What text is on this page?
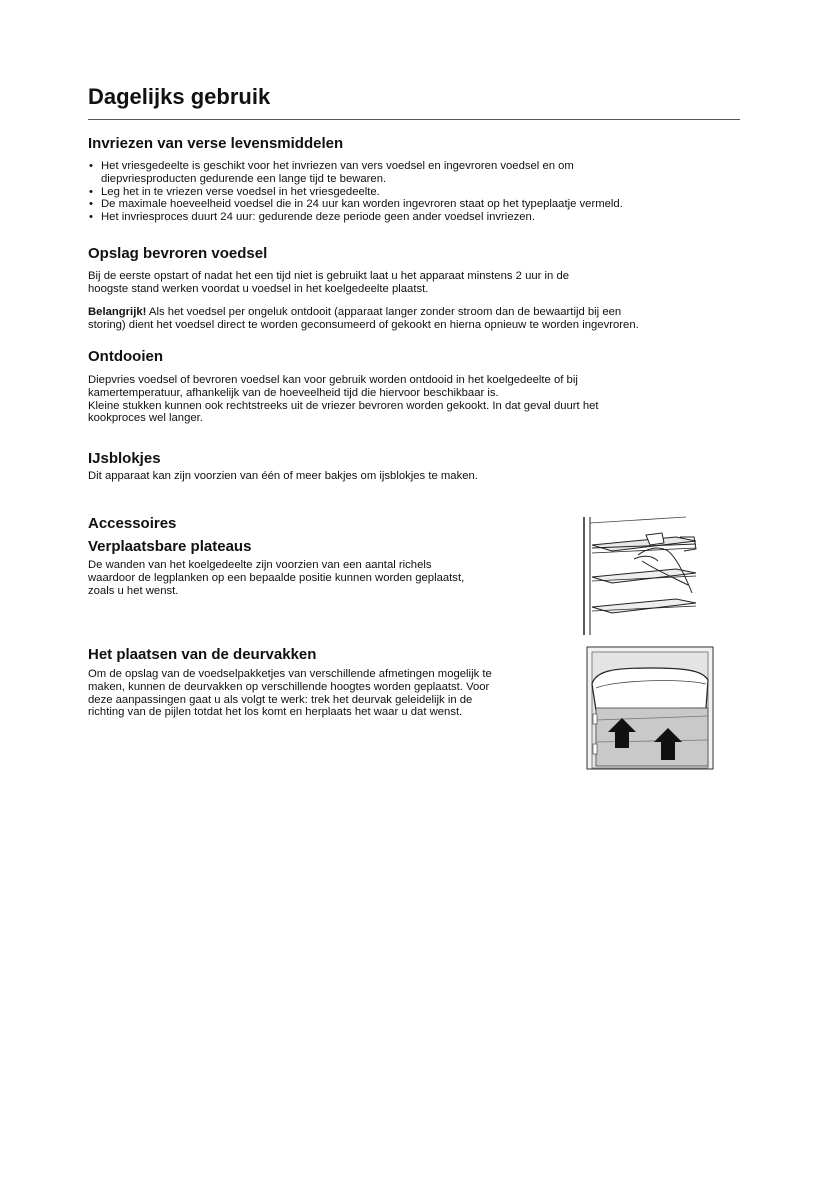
Dagelijks gebruik
Invriezen van verse levensmiddelen
• Het vriesgedeelte is geschikt voor het invriezen van vers voedsel en ingevroren voedsel en om
diepvriesproducten gedurende een lange tijd te bewaren.
• Leg het in te vriezen verse voedsel in het vriesgedeelte.
• De maximale hoeveelheid voedsel die in 24 uur kan worden ingevroren staat op het typeplaatje vermeld.
• Het invriesproces duurt 24 uur: gedurende deze periode geen ander voedsel invriezen.
Opslag bevroren voedsel

Bij de eerste opstart of nadat het een tijd niet is gebruikt laat u het apparaat minstens 2 uur in de
hoogste stand werken voordat u voedsel in het koelgedeelte plaatst.

Belangrijk! Als het voedsel per ongeluk ontdooit (apparaat langer zonder stroom dan de bewaartijd bij een
storing) dient het voedsel direct te worden geconsumeerd of gekookt en hierna opnieuw te worden ingevroren.

Ontdooien

Diepvries voedsel of bevroren voedsel kan voor gebruik worden ontdooid in het koelgedeelte of bij
kamertemperatuur, afhankelijk van de hoeveelheid tijd die hiervoor beschikbaar is.
Kleine stukken kunnen ook rechtstreeks uit de vriezer bevroren worden gekookt. In dat geval duurt het
kookproces wel langer.

IJsblokjes

Dit apparaat kan zijn voorzien van één of meer bakjes om ijsblokjes te maken.

Accessoires
Verplaatsbare plateaus

De wanden van het koelgedeelte zijn voorzien van een aantal richels
waardoor de legplanken op een bepaalde positie kunnen worden geplaatst,
zoals u het wenst.

Het plaatsen van de deurvakken

Om de opslag van de voedselpakketjes van verschillende afmetingen mogelijk te
maken, kunnen de deurvakken op verschillende hoogtes worden geplaatst. Voor
deze aanpassingen gaat u als volgt te werk: trek het deurvak geleidelijk in de
richting van de pijlen totdat het los komt en herplaats het waar u dat wenst.
